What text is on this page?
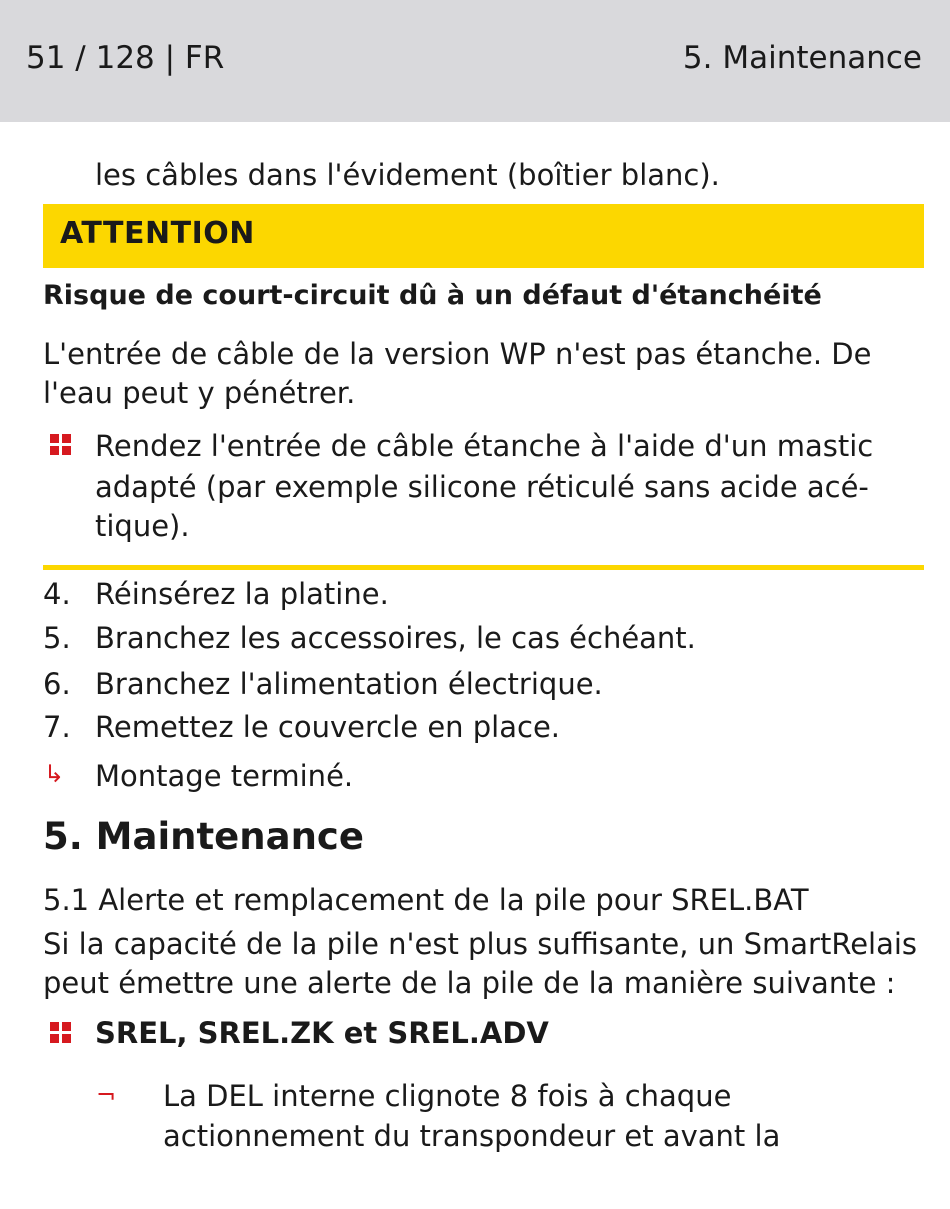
51 / 128 | FR	5. Maintenance
les câbles dans l'évidement (boîtier blanc).
ATTENTION
Risque de court-circuit dû à un défaut d'étanchéité
L'entrée de câble de la version WP n'est pas étanche. De
l'eau peut y pénétrer.
Rendez l'entrée de câble étanche à l'aide d'un mastic
adapté (par exemple silicone réticulé sans acide acé-
tique).
4. Réinsérez la platine.
5. Branchez les accessoires, le cas échéant.
6. Branchez l'alimentation électrique.
7. Remettez le couvercle en place.
↳ Montage terminé.
5. Maintenance
5.1 Alerte et remplacement de la pile pour SREL.BAT
Si la capacité de la pile n'est plus suffisante, un SmartRelais
peut émettre une alerte de la pile de la manière suivante :
SREL, SREL.ZK et SREL.ADV
¬ La DEL interne clignote 8 fois à chaque
actionnement du transpondeur et avant la
